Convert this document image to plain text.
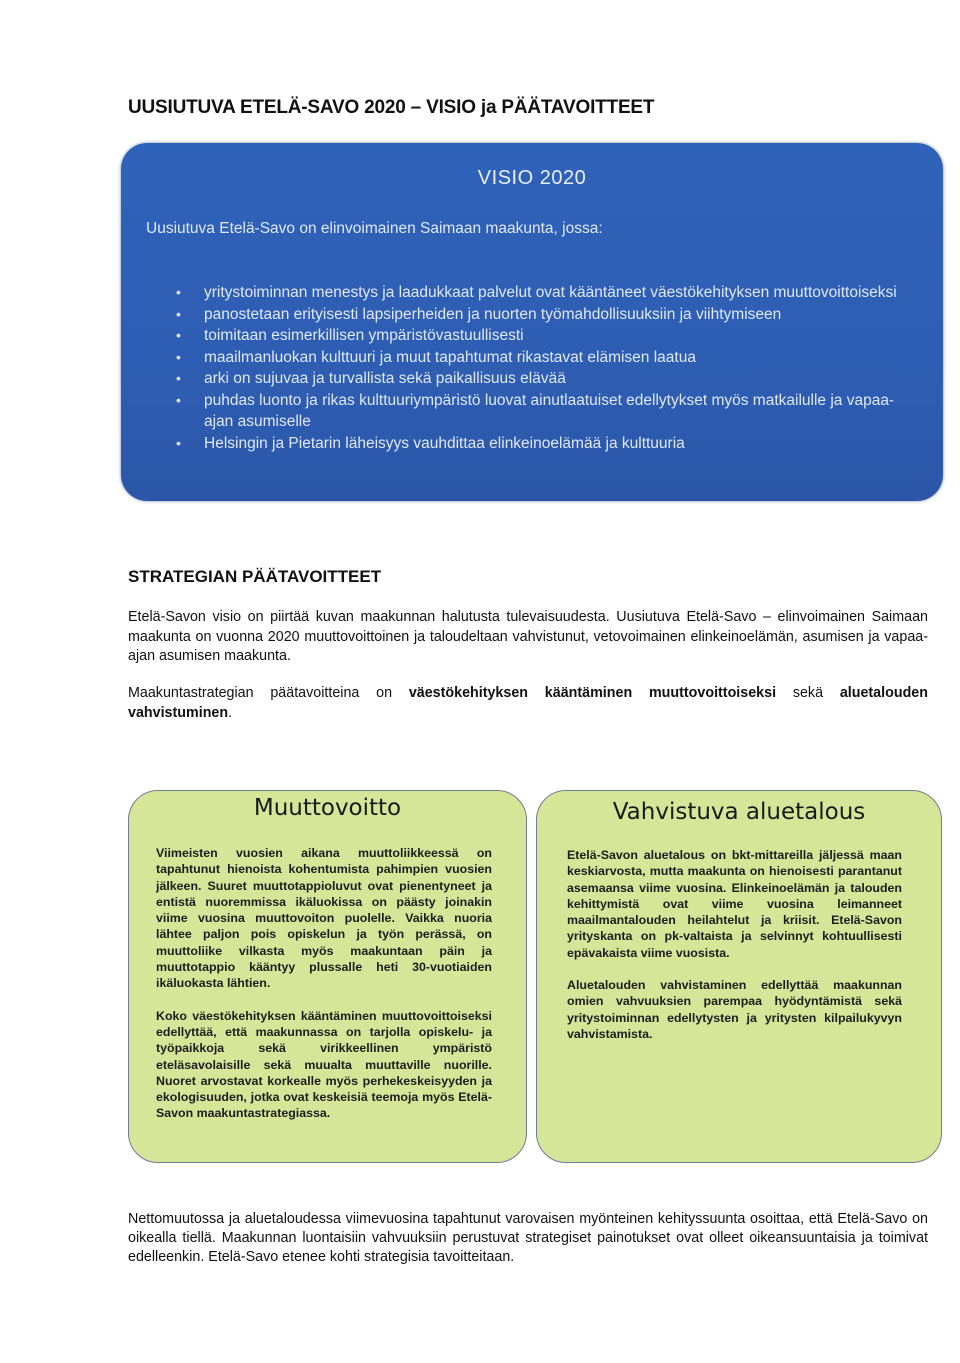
UUSIUTUVA ETELÄ-SAVO 2020 – VISIO ja PÄÄTAVOITTEET
VISIO 2020
Uusiutuva Etelä-Savo on elinvoimainen Saimaan maakunta, jossa:
• yritystoiminnan menestys ja laadukkaat palvelut ovat kääntäneet väestökehityksen muuttovoittoiseksi
• panostetaan erityisesti lapsiperheiden ja nuorten työmahdollisuuksiin ja viihtymiseen
• toimitaan esimerkillisen ympäristövastuullisesti
• maailmanluokan kulttuuri ja muut tapahtumat rikastavat elämisen laatua
• arki on sujuvaa ja turvallista sekä paikallisuus elävää
• puhdas luonto ja rikas kulttuuriympäristö luovat ainutlaatuiset edellytykset myös matkailulle ja vapaa-ajan asumiselle
• Helsingin ja Pietarin läheisyys vauhdittaa elinkeinoelämää ja kulttuuria
STRATEGIAN PÄÄTAVOITTEET
Etelä-Savon visio on piirtää kuvan maakunnan halutusta tulevaisuudesta. Uusiutuva Etelä-Savo – elinvoimainen Saimaan maakunta on vuonna 2020 muuttovoittoinen ja taloudeltaan vahvistunut, vetovoimainen elinkeinoelämän, asumisen ja vapaa-ajan asumisen maakunta.
Maakuntastrategian päätavoitteina on väestökehityksen kääntäminen muuttovoittoiseksi sekä aluetalouden vahvistuminen.
Muuttovoitto

Viimeisten vuosien aikana muuttoliikkeessä on tapahtunut hienoista kohentumista pahimpien vuosien jälkeen. Suuret muuttotappioluvut ovat pienentyneet ja entistä nuoremmissa ikäluokissa on päästy joinakin viime vuosina muuttovoiton puolelle. Vaikka nuoria lähtee paljon pois opiskelun ja työn perässä, on muuttoliike vilkasta myös maakuntaan päin ja muuttotappio kääntyy plussalle heti 30-vuotiaiden ikäluokasta lähtien.

Koko väestökehityksen kääntäminen muuttovoittoiseksi edellyttää, että maakunnassa on tarjolla opiskelu- ja työpaikkoja sekä virikkeellinen ympäristö eteläsavolaisille sekä muualta muuttaville nuorille. Nuoret arvostavat korkealle myös perhekeskeisyyden ja ekologisuuden, jotka ovat keskeisiä teemoja myös Etelä-Savon maakuntastrategiassa.

Vahvistuva aluetalous

Etelä-Savon aluetalous on bkt-mittareilla jäljessä maan keskiarvosta, mutta maakunta on hienoisesti parantanut asemaansa viime vuosina. Elinkeinoelämän ja talouden kehittymistä ovat viime vuosina leimanneet maailmantalouden heilahtelut ja kriisit. Etelä-Savon yrityskanta on pk-valtaista ja selvinnyt kohtuullisesti epävakaista viime vuosista.

Aluetalouden vahvistaminen edellyttää maakunnan omien vahvuuksien parempaa hyödyntämistä sekä yritystoiminnan edellytysten ja yritysten kilpailukyvyn vahvistamista.

Nettomuutossa ja aluetaloudessa viimevuosina tapahtunut varovaisen myönteinen kehityssuunta osoittaa, että Etelä-Savo on oikealla tiellä. Maakunnan luontaisiin vahvuuksiin perustuvat strategiset painotukset ovat olleet oikeansuuntaisia ja toimivat edelleenkin. Etelä-Savo etenee kohti strategisia tavoitteitaan.
